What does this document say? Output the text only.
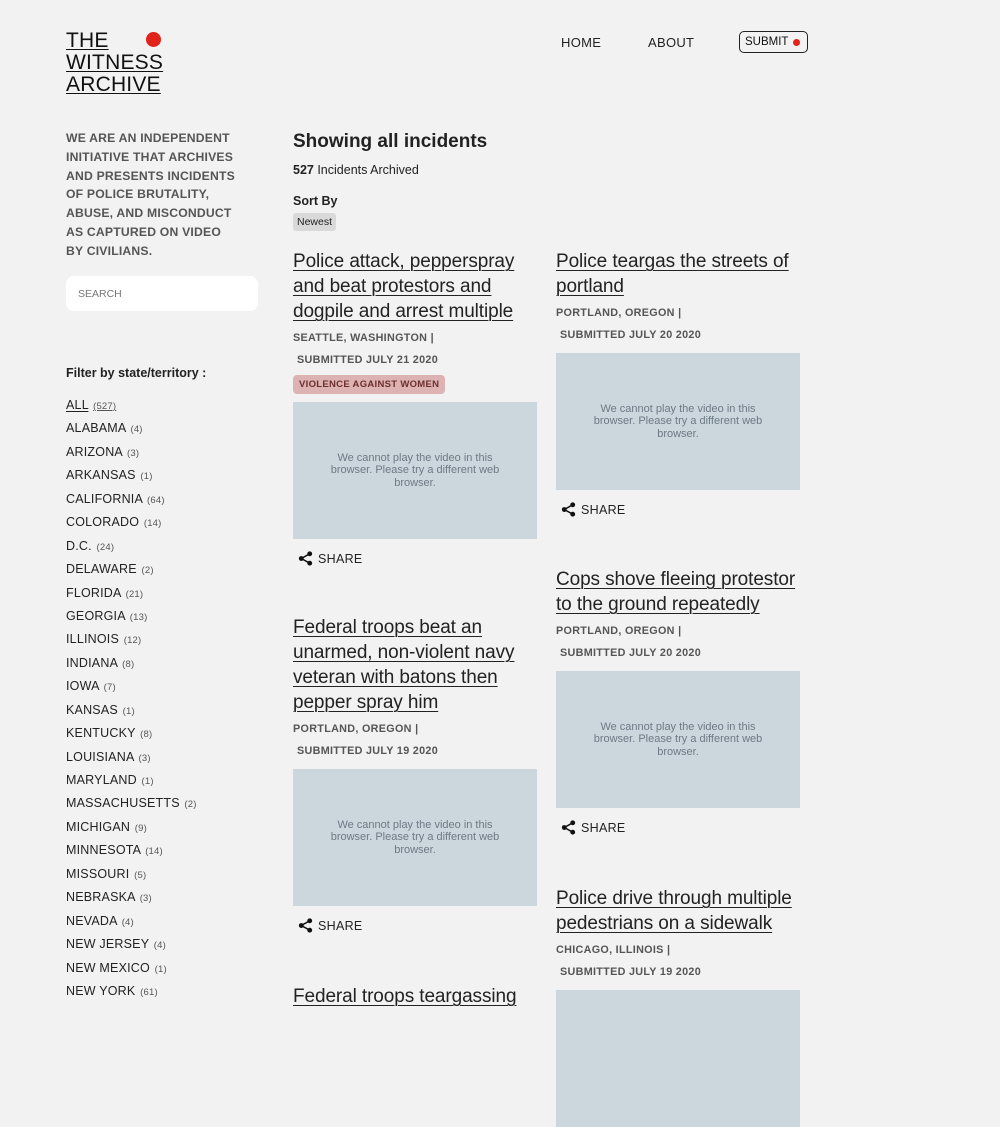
THE
WITNESS
ARCHIVE
HOME	ABOUT	SUBMIT
WE ARE AN INDEPENDENT INITIATIVE THAT ARCHIVES AND PRESENTS INCIDENTS OF POLICE BRUTALITY, ABUSE, AND MISCONDUCT AS CAPTURED ON VIDEO BY CIVILIANS.
SEARCH
Filter by state/territory :
ALL (527)
ALABAMA (4)
ARIZONA (3)
ARKANSAS (1)
CALIFORNIA (64)
COLORADO (14)
D.C. (24)
DELAWARE (2)
FLORIDA (21)
GEORGIA (13)
ILLINOIS (12)
INDIANA (8)
IOWA (7)
KANSAS (1)
KENTUCKY (8)
LOUISIANA (3)
MARYLAND (1)
MASSACHUSETTS (2)
MICHIGAN (9)
MINNESOTA (14)
MISSOURI (5)
NEBRASKA (3)
NEVADA (4)
NEW JERSEY (4)
NEW MEXICO (1)
NEW YORK (61)
Showing all incidents
527 Incidents Archived
Sort By
Newest

Police attack, pepperspray and beat protestors and dogpile and arrest multiple

SEATTLE, WASHINGTON |
SUBMITTED JULY 21 2020
VIOLENCE AGAINST WOMEN
We cannot play the video in this browser. Please try a different web browser.
SHARE

Police teargas the streets of portland

PORTLAND, OREGON |
SUBMITTED JULY 20 2020
We cannot play the video in this browser. Please try a different web browser.
SHARE

Federal troops beat an unarmed, non-violent navy veteran with batons then pepper spray him

PORTLAND, OREGON |
SUBMITTED JULY 19 2020
We cannot play the video in this browser. Please try a different web browser.
SHARE

Cops shove fleeing protestor to the ground repeatedly

PORTLAND, OREGON |
SUBMITTED JULY 20 2020
We cannot play the video in this browser. Please try a different web browser.
SHARE

Police drive through multiple pedestrians on a sidewalk

CHICAGO, ILLINOIS |
SUBMITTED JULY 19 2020

Federal troops teargassing
